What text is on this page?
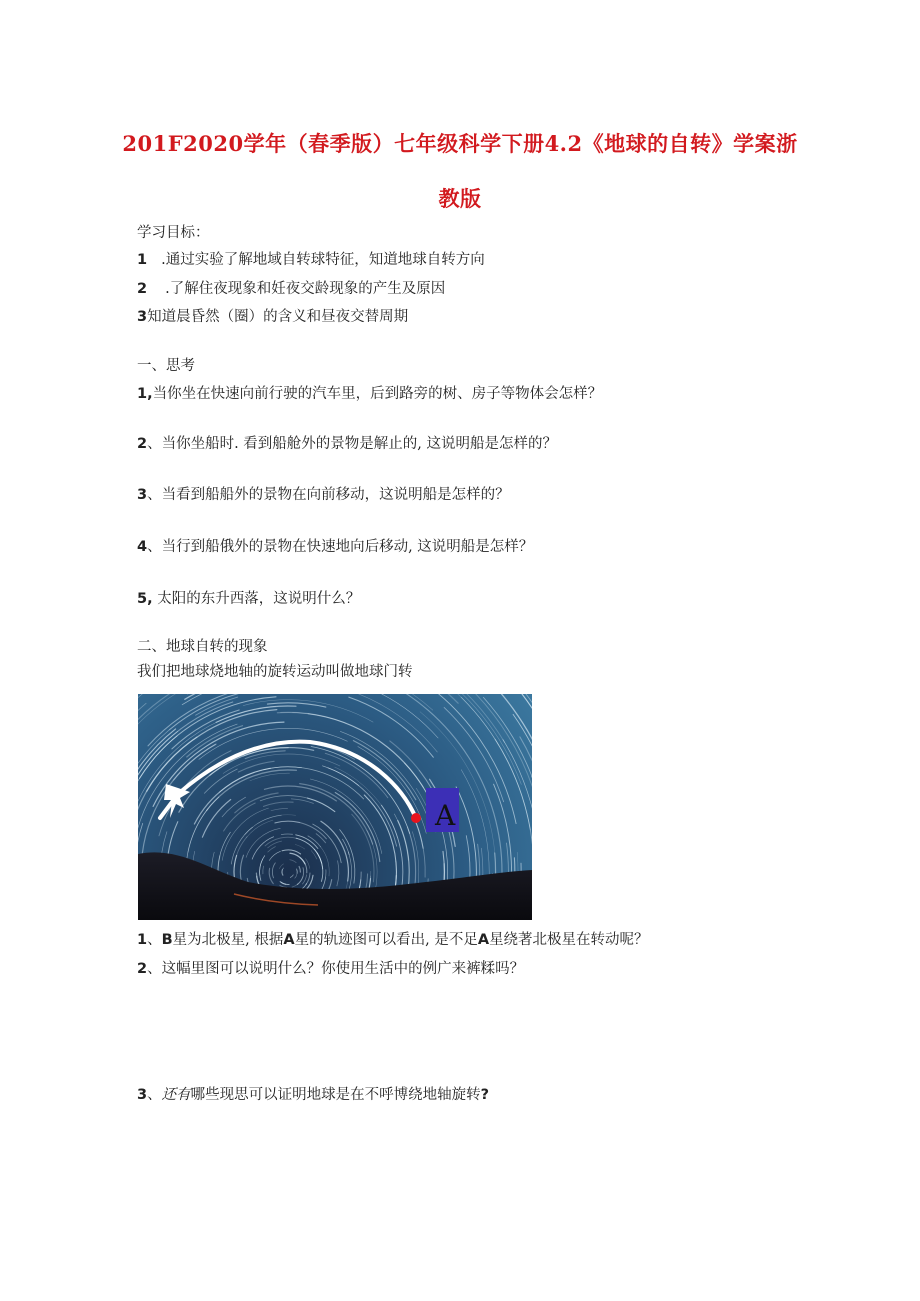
201F2020学年（春季版）七年级科学下册4.2《地球的自转》学案浙
教版
学习目标：
1 .通过实验了解地域自转球特征，知道地球自转方向
2 .了解住夜现象和妊夜交龄现象的产生及原因
3知道晨昏然（圈）的含义和昼夜交替周期
一、思考
1,当你坐在快速向前行驶的汽车里，后到路旁的树、房子等物体会怎样？
2、当你坐船时. 看到船舱外的景物是解止的, 这说明船是怎样的？
3、当看到船船外的景物在向前移动，这说明船是怎样的？
4、当行到船俄外的景物在快速地向后移动, 这说明船是怎样？
5, 太阳的东升西落，这说明什么？
二、地球自转的现象
我们把地球烧地轴的旋转运动叫做地球门转
A
1、B星为北极星, 根据A星的轨迹图可以看出, 是不足A星绕著北极星在转动呢？
2、这幅里图可以说明什么？你使用生活中的例广来裤糅吗？
3、还有哪些现思可以证明地球是在不呼博绕地轴旋转?
